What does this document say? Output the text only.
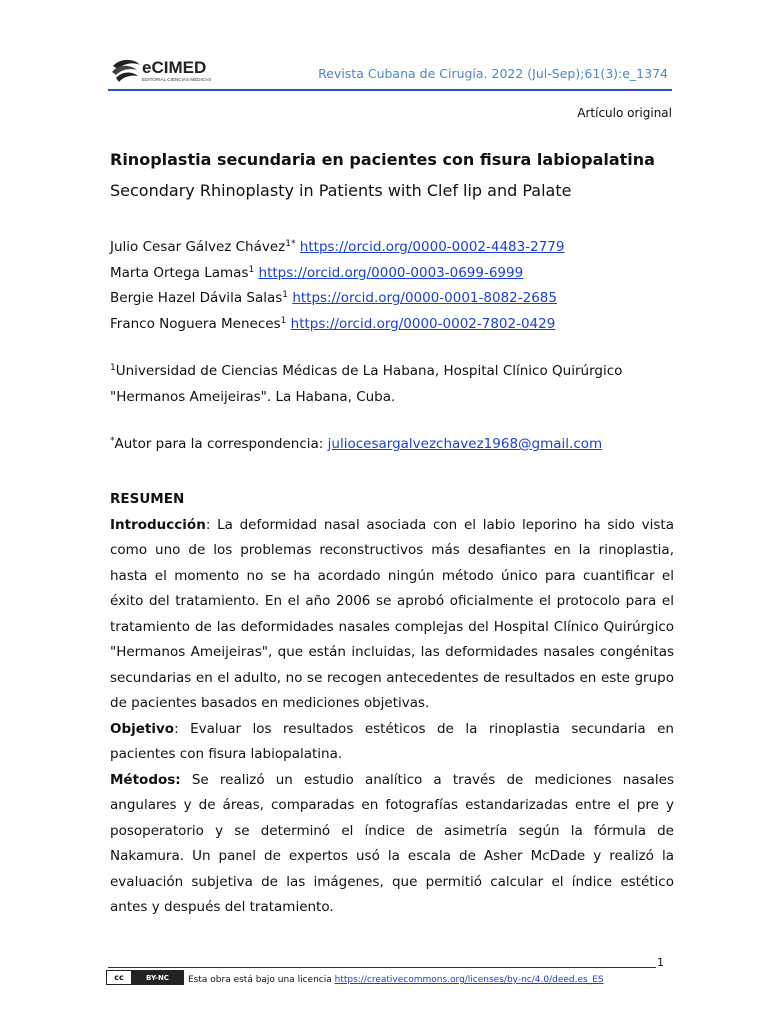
eCIMED
EDITORIAL CIENCIAS MÉDICAS	Revista Cubana de Cirugía. 2022 (Jul-Sep);61(3):e_1374
Artículo original
Rinoplastia secundaria en pacientes con fisura labiopalatina
Secondary Rhinoplasty in Patients with Clef lip and Palate
Julio Cesar Gálvez Chávez$^{1*}$ https://orcid.org/0000-0002-4483-2779
Marta Ortega Lamas$^1$ https://orcid.org/0000-0003-0699-6999
Bergie Hazel Dávila Salas$^1$ https://orcid.org/0000-0001-8082-2685
Franco Noguera Meneces$^1$ https://orcid.org/0000-0002-7802-0429
$^1$Universidad de Ciencias Médicas de La Habana, Hospital Clínico Quirúrgico "Hermanos Ameijeiras". La Habana, Cuba.
*Autor para la correspondencia: juliocesargalvezchavez1968@gmail.com
RESUMEN

Introducción: La deformidad nasal asociada con el labio leporino ha sido vista como uno de los problemas reconstructivos más desafiantes en la rinoplastia, hasta el momento no se ha acordado ningún método único para cuantificar el éxito del tratamiento. En el año 2006 se aprobó oficialmente el protocolo para el tratamiento de las deformidades nasales complejas del Hospital Clínico Quirúrgico "Hermanos Ameijeiras", que están incluidas, las deformidades nasales congénitas secundarias en el adulto, no se recogen antecedentes de resultados en este grupo de pacientes basados en mediciones objetivas.

Objetivo: Evaluar los resultados estéticos de la rinoplastia secundaria en pacientes con fisura labiopalatina.

Métodos: Se realizó un estudio analítico a través de mediciones nasales angulares y de áreas, comparadas en fotografías estandarizadas entre el pre y posoperatorio y se determinó el índice de asimetría según la fórmula de Nakamura. Un panel de expertos usó la escala de Asher McDade y realizó la evaluación subjetiva de las imágenes, que permitió calcular el índice estético antes y después del tratamiento.

1
cc	BY-NC	Esta obra está bajo una licencia https://creativecommons.org/licenses/by-nc/4.0/deed.es_ES
